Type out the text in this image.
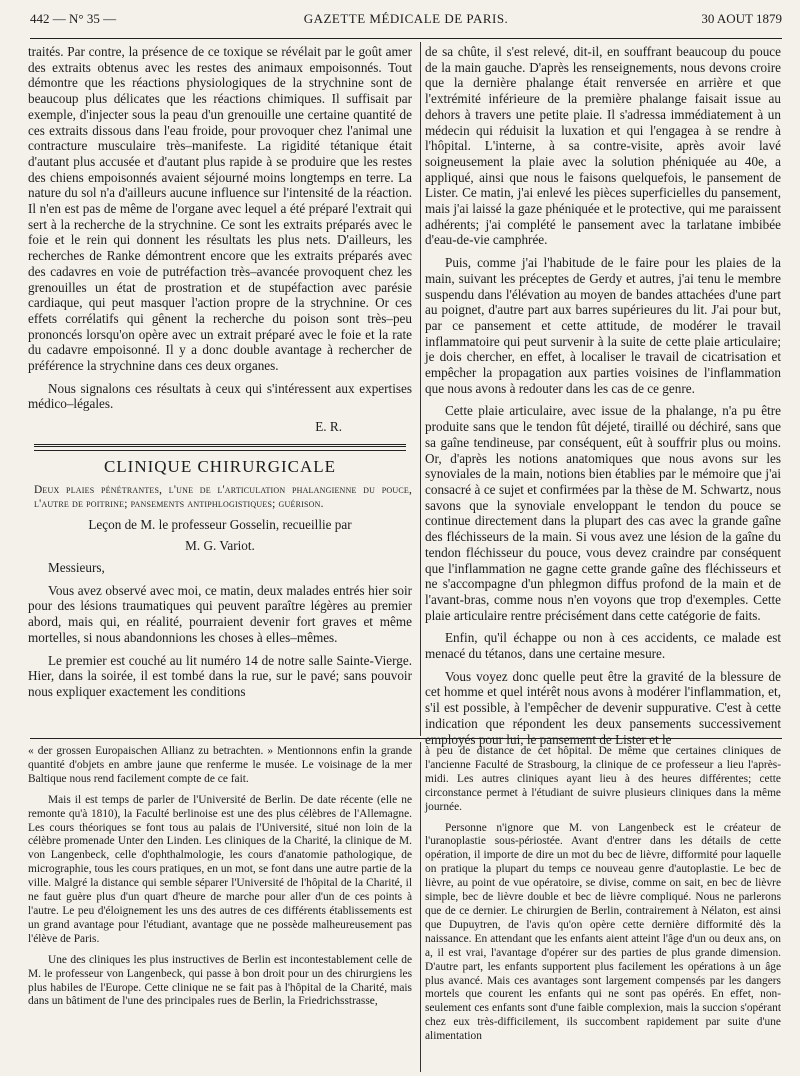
442 — N° 35 —	GAZETTE MÉDICALE DE PARIS.	30 AOUT 1879

traités. Par contre, la présence de ce toxique se révélait par le goût amer des extraits obtenus avec les restes des animaux empoisonnés. Tout démontre que les réactions physiologiques de la strychnine sont de beaucoup plus délicates que les réactions chimiques. Il suffisait par exemple, d'injecter sous la peau d'un grenouille une certaine quantité de ces extraits dissous dans l'eau froide, pour provoquer chez l'animal une contracture musculaire très–manifeste. La rigidité tétanique était d'autant plus accusée et d'autant plus rapide à se produire que les restes des chiens empoisonnés avaient séjourné moins longtemps en terre. La nature du sol n'a d'ailleurs aucune influence sur l'intensité de la réaction. Il n'en est pas de même de l'organe avec lequel a été préparé l'extrait qui sert à la recherche de la strychnine. Ce sont les extraits préparés avec le foie et le rein qui donnent les résultats les plus nets. D'ailleurs, les recherches de Ranke démontrent encore que les extraits préparés avec des cadavres en voie de putréfaction très–avancée provoquent chez les grenouilles un état de prostration et de stupéfaction avec parésie cardiaque, qui peut masquer l'action propre de la strychnine. Or ces effets corrélatifs qui gênent la recherche du poison sont très–peu prononcés lorsqu'on opère avec un extrait préparé avec le foie et la rate du cadavre empoisonné. Il y a donc double avantage à rechercher de préférence la strychnine dans ces deux organes.

Nous signalons ces résultats à ceux qui s'intéressent aux expertises médico–légales.

E. R.

CLINIQUE CHIRURGICALE

Deux plaies pénétrantes, l'une de l'articulation phalangienne du pouce, l'autre de poitrine; pansements antiphlogistiques; guérison.

Leçon de M. le professeur Gosselin, recueillie par

M. G. Variot.

Messieurs,

Vous avez observé avec moi, ce matin, deux malades entrés hier soir pour des lésions traumatiques qui peuvent paraître légères au premier abord, mais qui, en réalité, pourraient devenir fort graves et même mortelles, si nous abandonnions les choses à elles–mêmes.

Le premier est couché au lit numéro 14 de notre salle Sainte-Vierge. Hier, dans la soirée, il est tombé dans la rue, sur le pavé; sans pouvoir nous expliquer exactement les conditions

de sa chûte, il s'est relevé, dit-il, en souffrant beaucoup du pouce de la main gauche. D'après les renseignements, nous devons croire que la dernière phalange était renversée en arrière et que l'extrémité inférieure de la première phalange faisait issue au dehors à travers une petite plaie. Il s'adressa immédiatement à un médecin qui réduisit la luxation et qui l'engagea à se rendre à l'hôpital. L'interne, à sa contre-visite, après avoir lavé soigneusement la plaie avec la solution phéniquée au 40e, a appliqué, ainsi que nous le faisons quelquefois, le pansement de Lister. Ce matin, j'ai enlevé les pièces superficielles du pansement, mais j'ai laissé la gaze phéniquée et le protective, qui me paraissent adhérents; j'ai complété le pansement avec la tarlatane imbibée d'eau-de-vie camphrée.

Puis, comme j'ai l'habitude de le faire pour les plaies de la main, suivant les préceptes de Gerdy et autres, j'ai tenu le membre suspendu dans l'élévation au moyen de bandes attachées d'une part au poignet, d'autre part aux barres supérieures du lit. J'ai pour but, par ce pansement et cette attitude, de modérer le travail inflammatoire qui peut survenir à la suite de cette plaie articulaire; je dois chercher, en effet, à localiser le travail de cicatrisation et empêcher la propagation aux parties voisines de l'inflammation que nous avons à redouter dans les cas de ce genre.

Cette plaie articulaire, avec issue de la phalange, n'a pu être produite sans que le tendon fût déjeté, tiraillé ou déchiré, sans que sa gaîne tendineuse, par conséquent, eût à souffrir plus ou moins. Or, d'après les notions anatomiques que nous avons sur les synoviales de la main, notions bien établies par le mémoire que j'ai consacré à ce sujet et confirmées par la thèse de M. Schwartz, nous savons que la synoviale enveloppant le tendon du pouce se continue directement dans la plupart des cas avec la grande gaîne des fléchisseurs de la main. Si vous avez une lésion de la gaîne du tendon fléchisseur du pouce, vous devez craindre par conséquent que l'inflammation ne gagne cette grande gaîne des fléchisseurs et ne s'accompagne d'un phlegmon diffus profond de la main et de l'avant-bras, comme nous n'en voyons que trop d'exemples. Cette plaie articulaire rentre précisément dans cette catégorie de faits.

Enfin, qu'il échappe ou non à ces accidents, ce malade est menacé du tétanos, dans une certaine mesure.

Vous voyez donc quelle peut être la gravité de la blessure de cet homme et quel intérêt nous avons à modérer l'inflammation, et, s'il est possible, à l'empêcher de devenir suppurative. C'est à cette indication que répondent les deux pansements successivement employés pour lui, le pansement de Lister et le

« der grossen Europaischen Allianz zu betrachten. » Mentionnons enfin la grande quantité d'objets en ambre jaune que renferme le musée. Le voisinage de la mer Baltique nous rend facilement compte de ce fait.

Mais il est temps de parler de l'Université de Berlin. De date récente (elle ne remonte qu'à 1810), la Faculté berlinoise est une des plus célèbres de l'Allemagne. Les cours théoriques se font tous au palais de l'Université, situé non loin de la célèbre promenade Unter den Linden. Les cliniques de la Charité, la clinique de M. von Langenbeck, celle d'ophthalmologie, les cours d'anatomie pathologique, de micrographie, tous les cours pratiques, en un mot, se font dans une autre partie de la ville. Malgré la distance qui semble séparer l'Université de l'hôpital de la Charité, il ne faut guère plus d'un quart d'heure de marche pour aller d'un de ces points à l'autre. Le peu d'éloignement les uns des autres de ces différents établissements est un grand avantage pour l'étudiant, avantage que ne possède malheureusement pas l'élève de Paris.

Une des cliniques les plus instructives de Berlin est incontestablement celle de M. le professeur von Langenbeck, qui passe à bon droit pour un des chirurgiens les plus habiles de l'Europe. Cette clinique ne se fait pas à l'hôpital de la Charité, mais dans un bâtiment de l'une des principales rues de Berlin, la Friedrichsstrasse,

à peu de distance de cet hôpital. De même que certaines cliniques de l'ancienne Faculté de Strasbourg, la clinique de ce professeur a lieu l'après-midi. Les autres cliniques ayant lieu à des heures différentes; cette circonstance permet à l'étudiant de suivre plusieurs cliniques dans la même journée.

Personne n'ignore que M. von Langenbeck est le créateur de l'uranoplastie sous-périostée. Avant d'entrer dans les détails de cette opération, il importe de dire un mot du bec de lièvre, difformité pour laquelle on pratique la plupart du temps ce nouveau genre d'autoplastie. Le bec de lièvre, au point de vue opératoire, se divise, comme on sait, en bec de lièvre simple, bec de lièvre double et bec de lièvre compliqué. Nous ne parlerons que de ce dernier. Le chirurgien de Berlin, contrairement à Nélaton, est ainsi que Dupuytren, de l'avis qu'on opère cette dernière difformité dès la naissance. En attendant que les enfants aient atteint l'âge d'un ou deux ans, on a, il est vrai, l'avantage d'opérer sur des parties de plus grande dimension. D'autre part, les enfants supportent plus facilement les opérations à un âge plus avancé. Mais ces avantages sont largement compensés par les dangers mortels que courent les enfants qui ne sont pas opérés. En effet, non-seulement ces enfants sont d'une faible complexion, mais la succion s'opérant chez eux très-difficilement, ils succombent rapidement par suite d'une alimentation
